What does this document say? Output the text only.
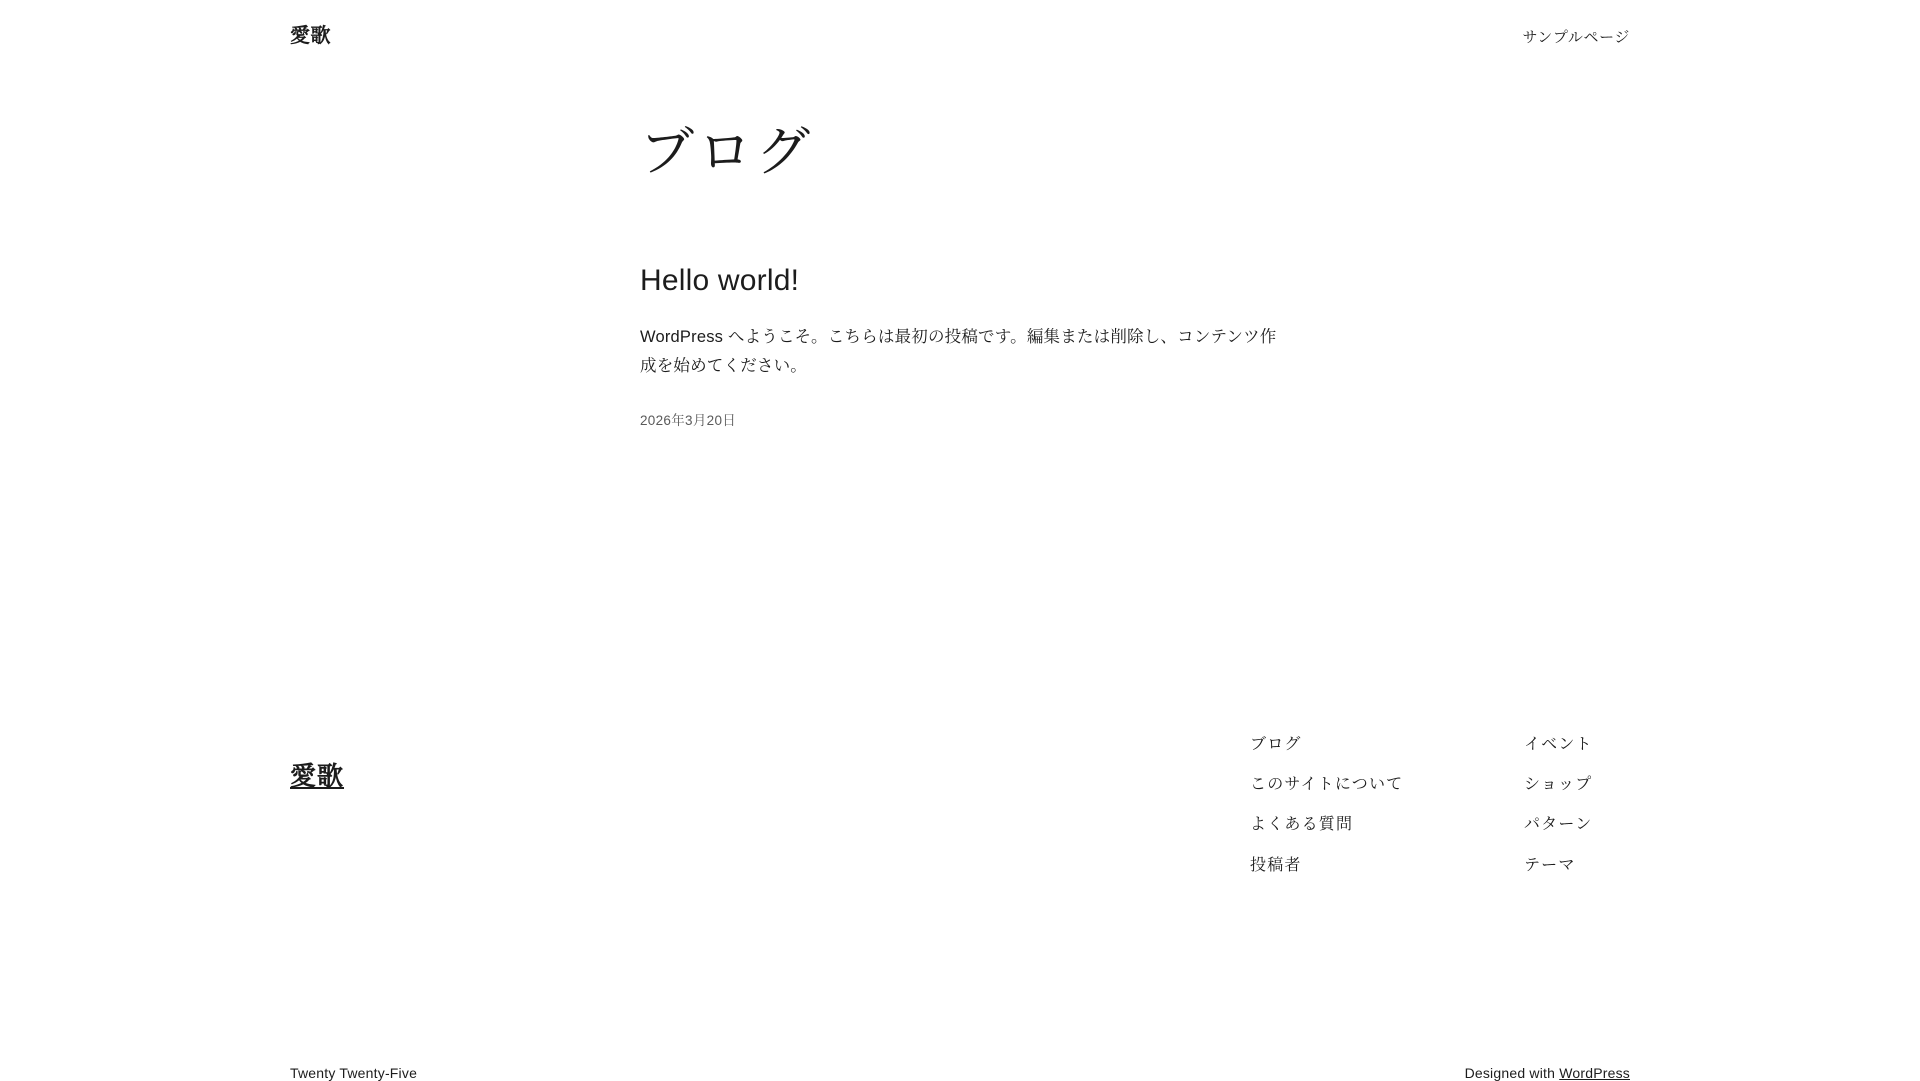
愛歌	サンプルページ
ブログ
Hello world!

WordPress へようこそ。こちらは最初の投稿です。編集または削除し、コンテンツ作成を始めてください。

2026年3月20日
愛歌
ブログ
このサイトについて
よくある質問
投稿者
イベント
ショップ
パターン
テーマ
Twenty Twenty-Five	Designed with WordPress
